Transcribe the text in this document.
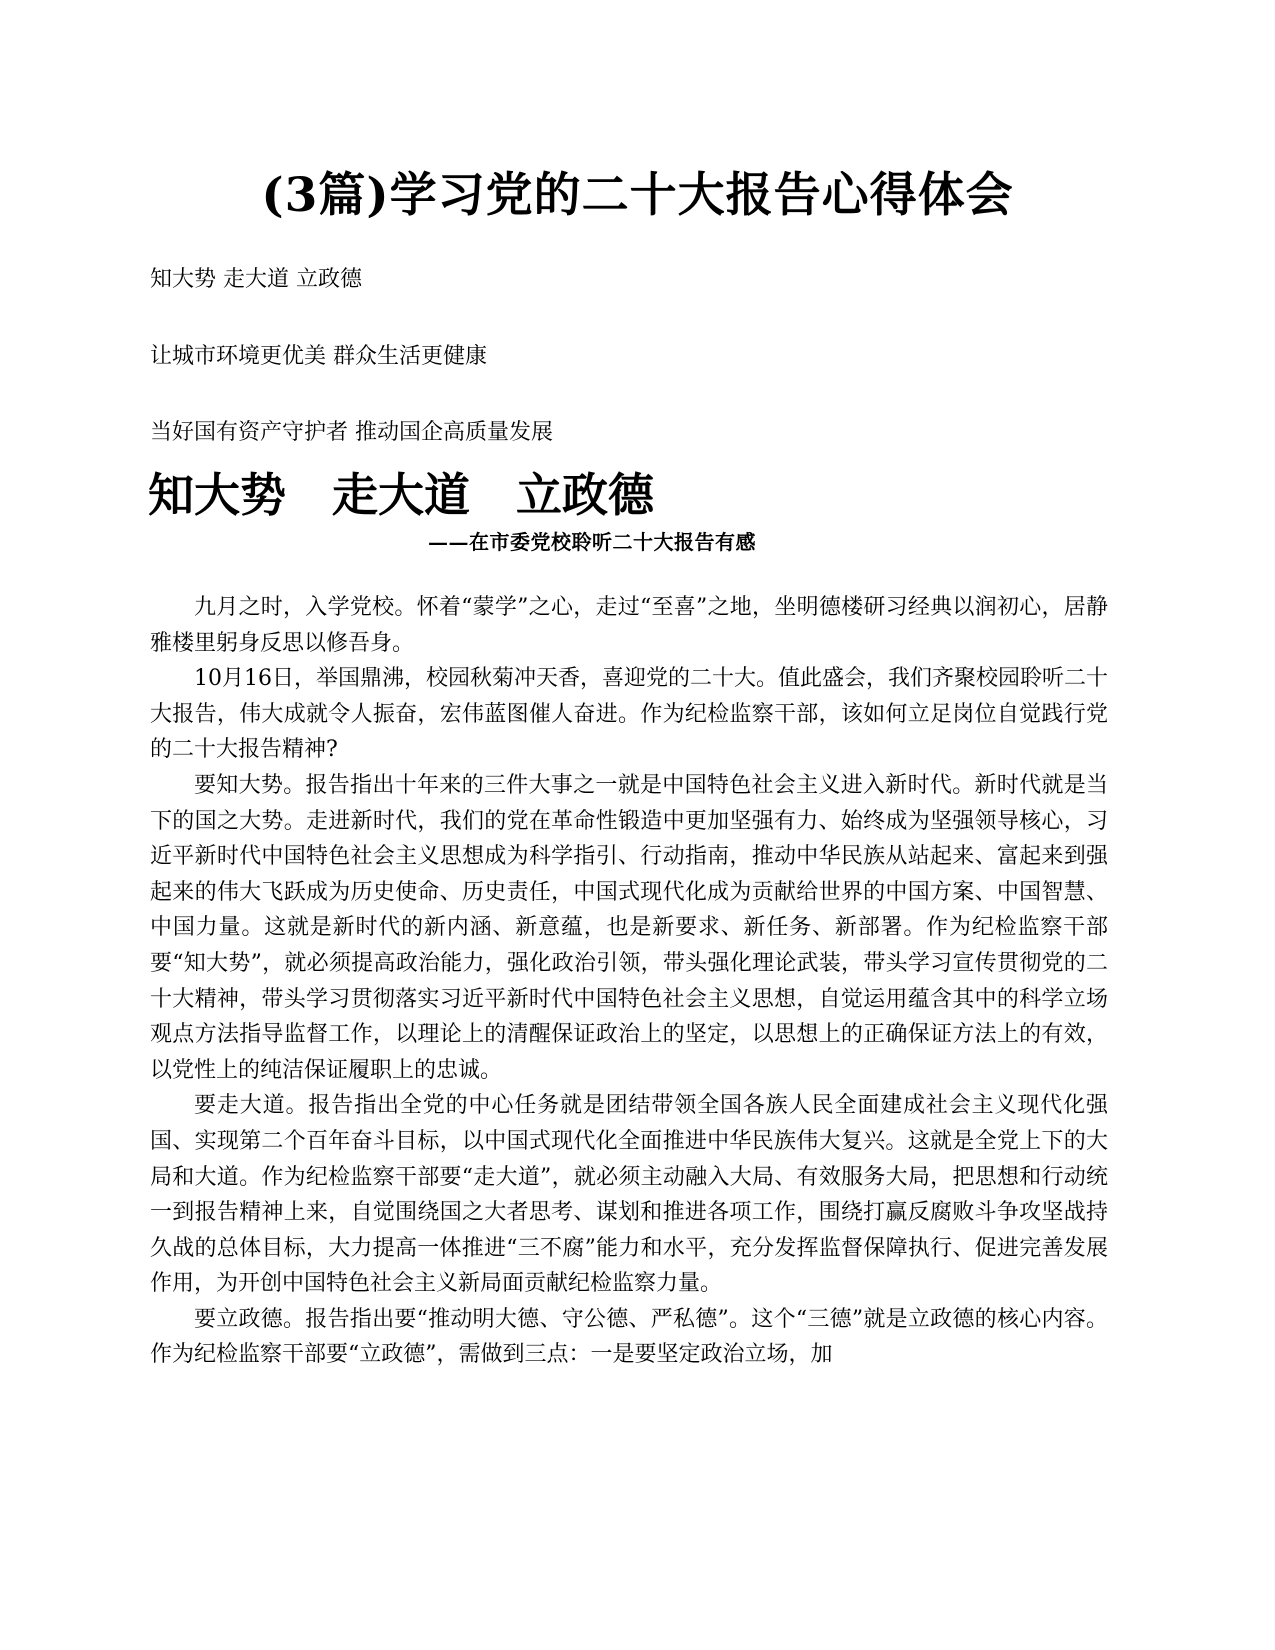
(3篇)学习党的二十大报告心得体会
知大势 走大道 立政德
让城市环境更优美 群众生活更健康
当好国有资产守护者 推动国企高质量发展
知大势　走大道　立政德
——在市委党校聆听二十大报告有感

九月之时，入学党校。怀着“蒙学”之心，走过“至喜”之地，坐明德楼研习经典以润初心，居静雅楼里躬身反思以修吾身。

10月16日，举国鼎沸，校园秋菊冲天香，喜迎党的二十大。值此盛会，我们齐聚校园聆听二十大报告，伟大成就令人振奋，宏伟蓝图催人奋进。作为纪检监察干部，该如何立足岗位自觉践行党的二十大报告精神?

要知大势。报告指出十年来的三件大事之一就是中国特色社会主义进入新时代。新时代就是当下的国之大势。走进新时代，我们的党在革命性锻造中更加坚强有力、始终成为坚强领导核心，习近平新时代中国特色社会主义思想成为科学指引、行动指南，推动中华民族从站起来、富起来到强起来的伟大飞跃成为历史使命、历史责任，中国式现代化成为贡献给世界的中国方案、中国智慧、中国力量。这就是新时代的新内涵、新意蕴，也是新要求、新任务、新部署。作为纪检监察干部要“知大势”，就必须提高政治能力，强化政治引领，带头强化理论武装，带头学习宣传贯彻党的二十大精神，带头学习贯彻落实习近平新时代中国特色社会主义思想，自觉运用蕴含其中的科学立场观点方法指导监督工作，以理论上的清醒保证政治上的坚定，以思想上的正确保证方法上的有效，以党性上的纯洁保证履职上的忠诚。

要走大道。报告指出全党的中心任务就是团结带领全国各族人民全面建成社会主义现代化强国、实现第二个百年奋斗目标，以中国式现代化全面推进中华民族伟大复兴。这就是全党上下的大局和大道。作为纪检监察干部要“走大道”，就必须主动融入大局、有效服务大局，把思想和行动统一到报告精神上来，自觉围绕国之大者思考、谋划和推进各项工作，围绕打赢反腐败斗争攻坚战持久战的总体目标，大力提高一体推进“三不腐”能力和水平，充分发挥监督保障执行、促进完善发展作用，为开创中国特色社会主义新局面贡献纪检监察力量。

要立政德。报告指出要“推动明大德、守公德、严私德”。这个“三德”就是立政德的核心内容。作为纪检监察干部要“立政德”，需做到三点：一是要坚定政治立场，加
